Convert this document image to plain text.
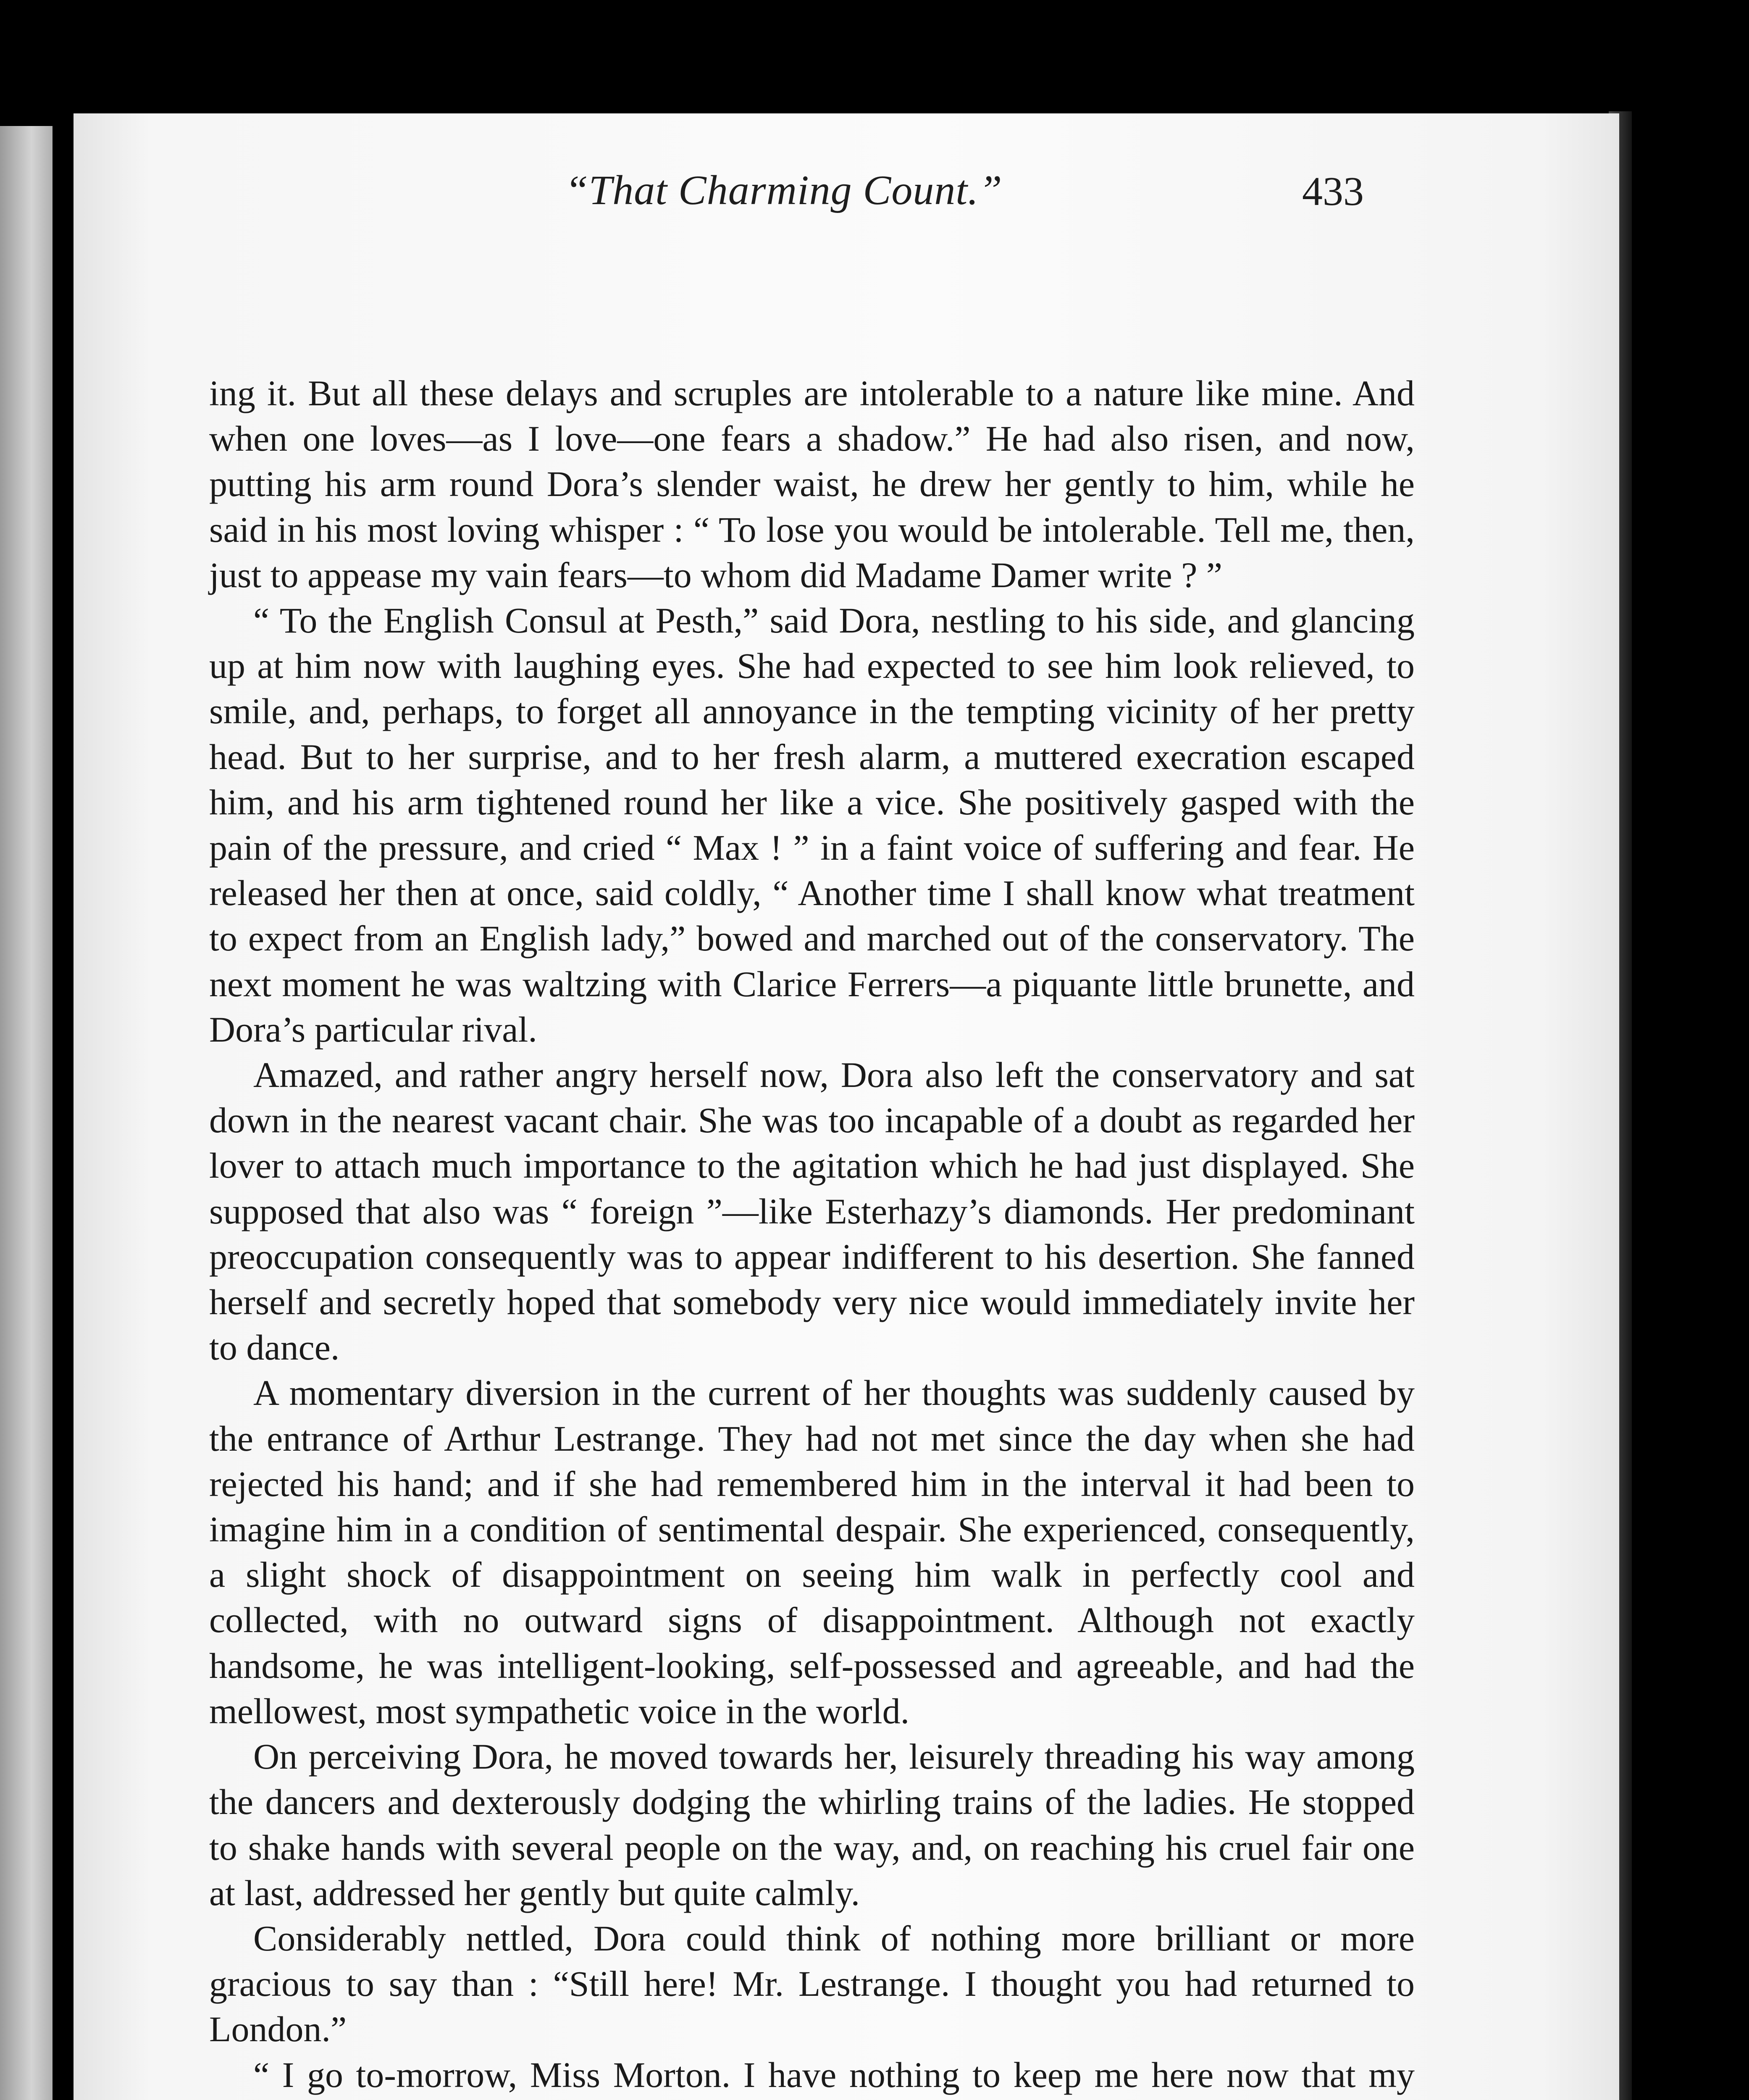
“That Charming Count.”	433

ing it. But all these delays and scruples are intolerable to a nature like mine. And when one loves—as I love—one fears a shadow.” He had also risen, and now, putting his arm round Dora’s slender waist, he drew her gently to him, while he said in his most loving whisper : “ To lose you would be intolerable. Tell me, then, just to appease my vain fears—to whom did Madame Damer write ? ”

“ To the English Consul at Pesth,” said Dora, nestling to his side, and glancing up at him now with laughing eyes. She had expected to see him look relieved, to smile, and, perhaps, to forget all annoyance in the tempting vicinity of her pretty head. But to her surprise, and to her fresh alarm, a muttered execration escaped him, and his arm tightened round her like a vice. She positively gasped with the pain of the pressure, and cried “ Max ! ” in a faint voice of suffering and fear. He released her then at once, said coldly, “ Another time I shall know what treatment to expect from an English lady,” bowed and marched out of the conservatory. The next moment he was waltzing with Clarice Ferrers—a piquante little brunette, and Dora’s particular rival.

Amazed, and rather angry herself now, Dora also left the conservatory and sat down in the nearest vacant chair. She was too incapable of a doubt as regarded her lover to attach much importance to the agitation which he had just displayed. She supposed that also was “ foreign ”—like Esterhazy’s diamonds. Her predominant preoccupation consequently was to appear indifferent to his desertion. She fanned herself and secretly hoped that somebody very nice would immediately invite her to dance.

A momentary diversion in the current of her thoughts was suddenly caused by the entrance of Arthur Lestrange. They had not met since the day when she had rejected his hand; and if she had remembered him in the interval it had been to imagine him in a condition of sentimental despair. She experienced, consequently, a slight shock of disappointment on seeing him walk in perfectly cool and collected, with no outward signs of disappointment. Although not exactly handsome, he was intelligent-looking, self-possessed and agreeable, and had the mellowest, most sympathetic voice in the world.

On perceiving Dora, he moved towards her, leisurely threading his way among the dancers and dexterously dodging the whirling trains of the ladies. He stopped to shake hands with several people on the way, and, on reaching his cruel fair one at last, addressed her gently but quite calmly.

Considerably nettled, Dora could think of nothing more brilliant or more gracious to say than : “Still here! Mr. Lestrange. I thought you had returned to London.”

“ I go to-morrow, Miss Morton. I have nothing to keep me here now that my
